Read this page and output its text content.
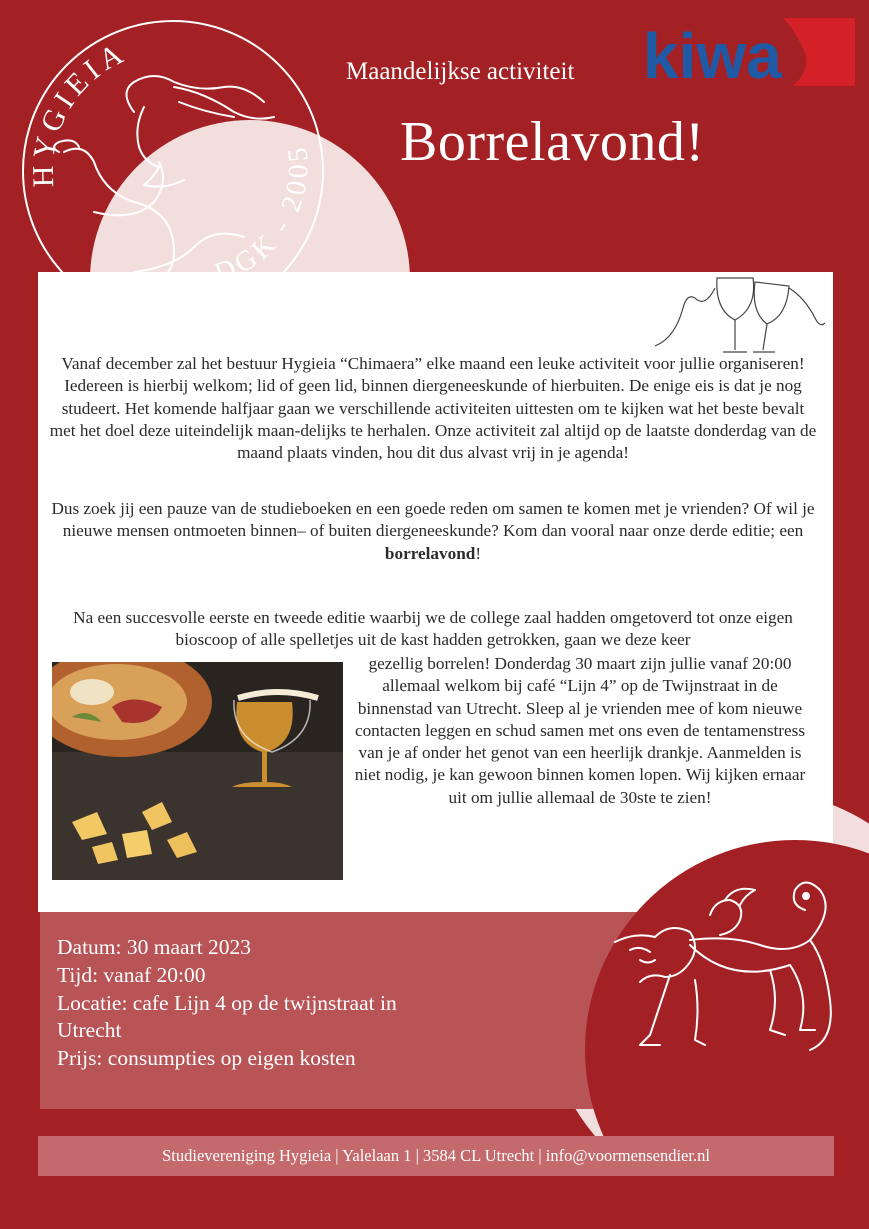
HYGIEIA
DGK - 2005
Maandelijkse activiteit
Borrelavond!
kiwa
Vanaf december zal het bestuur Hygieia “Chimaera” elke maand een leuke activiteit voor jullie organiseren! Iedereen is hierbij welkom; lid of geen lid, binnen diergeneeskunde of hierbuiten. De enige eis is dat je nog studeert. Het komende halfjaar gaan we verschillende activiteiten uittesten om te kijken wat het beste bevalt met het doel deze uiteindelijk maan-delijks te herhalen. Onze activiteit zal altijd op de laatste donderdag van de maand plaats vinden, hou dit dus alvast vrij in je agenda!
Dus zoek jij een pauze van de studieboeken en een goede reden om samen te komen met je vrienden? Of wil je nieuwe mensen ontmoeten binnen– of buiten diergeneeskunde? Kom dan vooral naar onze derde editie; een borrelavond!
Na een succesvolle eerste en tweede editie waarbij we de college zaal hadden omgetoverd tot onze eigen bioscoop of alle spelletjes uit de kast hadden getrokken, gaan we deze keer
gezellig borrelen! Donderdag 30 maart zijn jullie vanaf 20:00 allemaal welkom bij café “Lijn 4” op de Twijnstraat in de binnenstad van Utrecht. Sleep al je vrienden mee of kom nieuwe contacten leggen en schud samen met ons even de tentamenstress van je af onder het genot van een heerlijk drankje. Aanmelden is niet nodig, je kan gewoon binnen komen lopen. Wij kijken ernaar uit om jullie allemaal de 30ste te zien!
Datum: 30 maart 2023
Tijd: vanaf 20:00
Locatie: cafe Lijn 4 op de twijnstraat in
Utrecht
Prijs: consumpties op eigen kosten
Studievereniging Hygieia | Yalelaan 1 | 3584 CL Utrecht | info@voormensendier.nl
